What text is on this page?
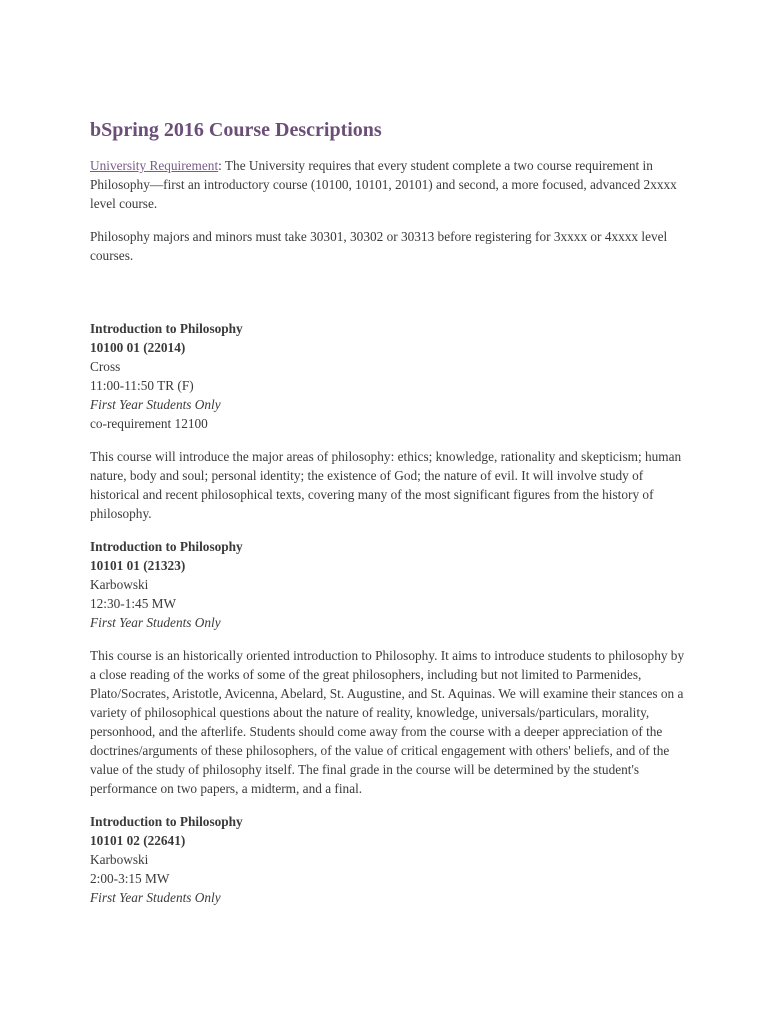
bSpring 2016 Course Descriptions

University Requirement: The University requires that every student complete a two course requirement in Philosophy—first an introductory course (10100, 10101, 20101) and second, a more focused, advanced 2xxxx level course.

Philosophy majors and minors must take 30301, 30302 or 30313 before registering for 3xxxx or 4xxxx level courses.

Introduction to Philosophy
10100 01 (22014)
Cross
11:00-11:50 TR (F)
First Year Students Only
co-requirement 12100

This course will introduce the major areas of philosophy: ethics; knowledge, rationality and skepticism; human nature, body and soul; personal identity; the existence of God; the nature of evil. It will involve study of historical and recent philosophical texts, covering many of the most significant figures from the history of philosophy.

Introduction to Philosophy
10101 01 (21323)
Karbowski
12:30-1:45 MW
First Year Students Only

This course is an historically oriented introduction to Philosophy. It aims to introduce students to philosophy by a close reading of the works of some of the great philosophers, including but not limited to Parmenides, Plato/Socrates, Aristotle, Avicenna, Abelard, St. Augustine, and St. Aquinas. We will examine their stances on a variety of philosophical questions about the nature of reality, knowledge, universals/particulars, morality, personhood, and the afterlife. Students should come away from the course with a deeper appreciation of the doctrines/arguments of these philosophers, of the value of critical engagement with others' beliefs, and of the value of the study of philosophy itself. The final grade in the course will be determined by the student's performance on two papers, a midterm, and a final.

Introduction to Philosophy
10101 02 (22641)
Karbowski
2:00-3:15 MW
First Year Students Only
